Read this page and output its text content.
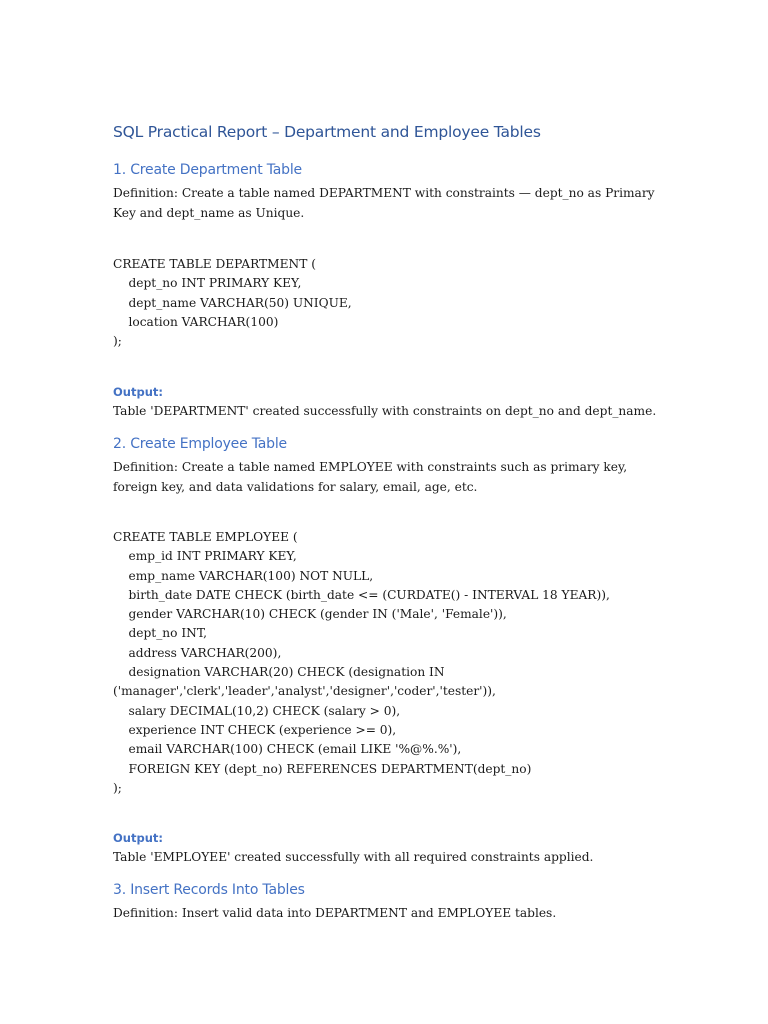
SQL Practical Report – Department and Employee Tables
1. Create Department Table

Definition: Create a table named DEPARTMENT with constraints — dept_no as Primary Key and dept_name as Unique.

CREATE TABLE DEPARTMENT (
dept_no INT PRIMARY KEY,
dept_name VARCHAR(50) UNIQUE,
location VARCHAR(100)
);
Output:

Table 'DEPARTMENT' created successfully with constraints on dept_no and dept_name.

2. Create Employee Table

Definition: Create a table named EMPLOYEE with constraints such as primary key, foreign key, and data validations for salary, email, age, etc.

CREATE TABLE EMPLOYEE (
emp_id INT PRIMARY KEY,
emp_name VARCHAR(100) NOT NULL,
birth_date DATE CHECK (birth_date <= (CURDATE() - INTERVAL 18 YEAR)),
gender VARCHAR(10) CHECK (gender IN ('Male', 'Female')),
dept_no INT,
address VARCHAR(200),
designation VARCHAR(20) CHECK (designation IN
('manager','clerk','leader','analyst','designer','coder','tester')),
salary DECIMAL(10,2) CHECK (salary > 0),
experience INT CHECK (experience >= 0),
email VARCHAR(100) CHECK (email LIKE '%@%.%'),
FOREIGN KEY (dept_no) REFERENCES DEPARTMENT(dept_no)
);
Output:

Table 'EMPLOYEE' created successfully with all required constraints applied.

3. Insert Records Into Tables

Definition: Insert valid data into DEPARTMENT and EMPLOYEE tables.
